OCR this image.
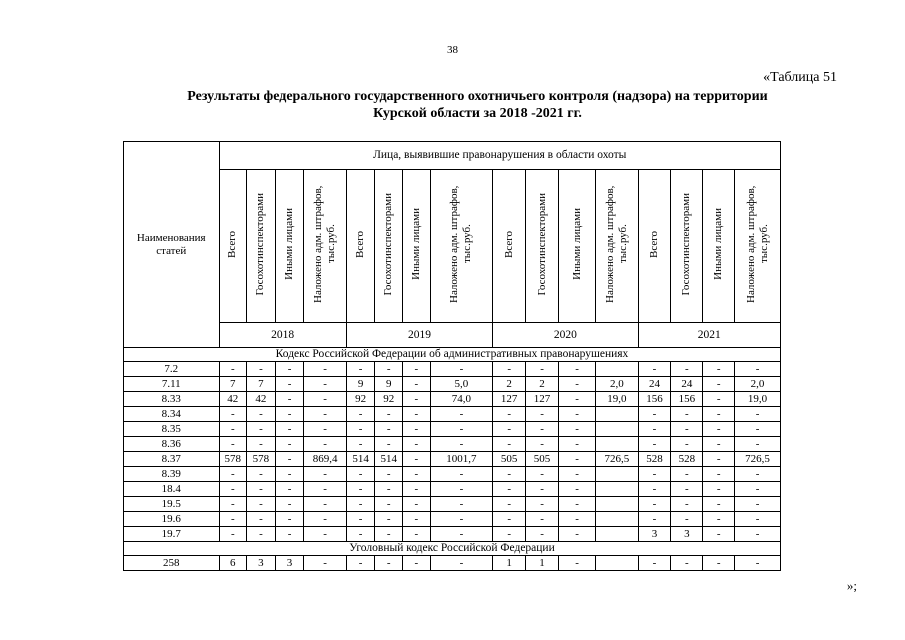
38
«Таблица 51
Результаты федерального государственного охотничьего контроля (надзора) на территории
Курской области за 2018 -2021 гг.
Наименования статей	Лица, выявившие правонарушения в области охоты															
	Всего	Госохотинспекторами	Иными лицами	Наложено адм. штрафов, тыс.руб.	Всего	Госохотинспекторами	Иными лицами	Наложено адм. штрафов, тыс.руб.	Всего	Госохотинспекторами	Иными лицами	Наложено адм. штрафов, тыс.руб.	Всего	Госохотинспекторами	Иными лицами	Наложено адм. штрафов, тыс.руб.
	2018				2019				2020				2021			
Кодекс Российской Федерации об административных правонарушениях																
7.2	-	-	-	-	-	-	-	-	-	-	-		-	-	-	-
7.11	7	7	-	-	9	9	-	5,0	2	2	-	2,0	24	24	-	2,0
8.33	42	42	-	-	92	92	-	74,0	127	127	-	19,0	156	156	-	19,0
8.34	-	-	-	-	-	-	-	-	-	-	-		-	-	-	-
8.35	-	-	-	-	-	-	-	-	-	-	-		-	-	-	-
8.36	-	-	-	-	-	-	-	-	-	-	-		-	-	-	-
8.37	578	578	-	869,4	514	514	-	1001,7	505	505	-	726,5	528	528	-	726,5
8.39	-	-	-	-	-	-	-	-	-	-	-		-	-	-	-
18.4	-	-	-	-	-	-	-	-	-	-	-		-	-	-	-
19.5	-	-	-	-	-	-	-	-	-	-	-		-	-	-	-
19.6	-	-	-	-	-	-	-	-	-	-	-		-	-	-	-
19.7	-	-	-	-	-	-	-	-	-	-	-		3	3	-	-
Уголовный кодекс Российской Федерации																
258	6	3	3	-	-	-	-	-	1	1	-		-	-	-	-
»;
